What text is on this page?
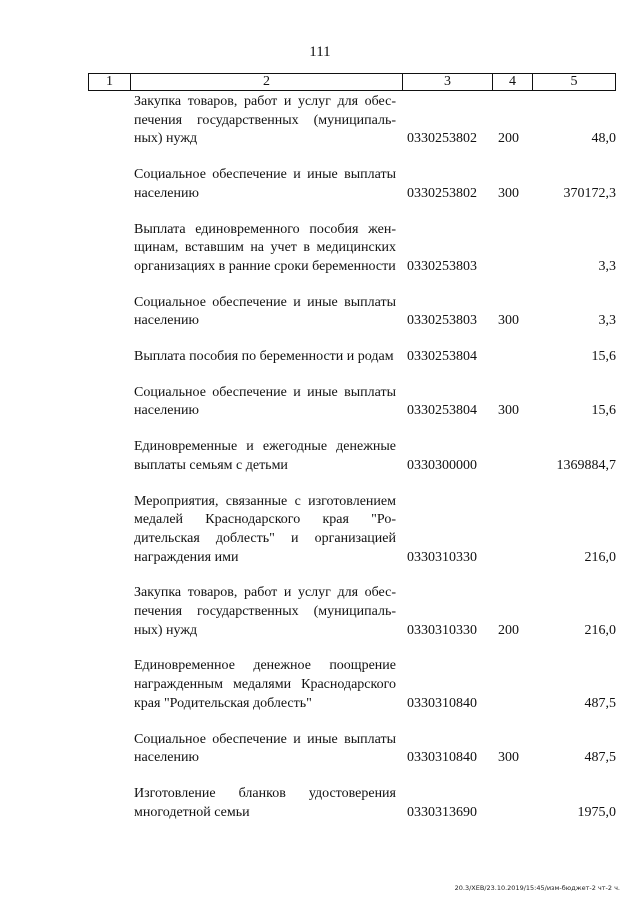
111
1	2	3	4	5
Закупка товаров, работ и услуг для обеспечения государственных (муниципальных) нужд	0330253802 200	48,0
Социальное обеспечение и иные выплаты населению	0330253802 300	370172,3
Выплата единовременного пособия женщинам, вставшим на учет в медицинских организациях в ранние сроки беременности 0330253803	3,3
Социальное обеспечение и иные выплаты населению	0330253803 300	3,3
Выплата пособия по беременности и родам 0330253804	15,6
Социальное обеспечение и иные выплаты населению	0330253804 300	15,6
Единовременные и ежегодные денежные выплаты семьям с детьми	0330300000	1369884,7
Мероприятия, связанные с изготовлением медалей Краснодарского края "Родительская доблесть" и организацией награждения ими	0330310330	216,0
Закупка товаров, работ и услуг для обеспечения государственных (муниципальных) нужд	0330310330 200	216,0
Единовременное денежное поощрение награжденным медалями Краснодарского края "Родительская доблесть"	0330310840	487,5
Социальное обеспечение и иные выплаты населению	0330310840 300	487,5
Изготовление бланков удостоверения многодетной семьи	0330313690	1975,0
20.3/XEB/23.10.2019/15:45/изм-бюджет-2 чт-2 ч.
